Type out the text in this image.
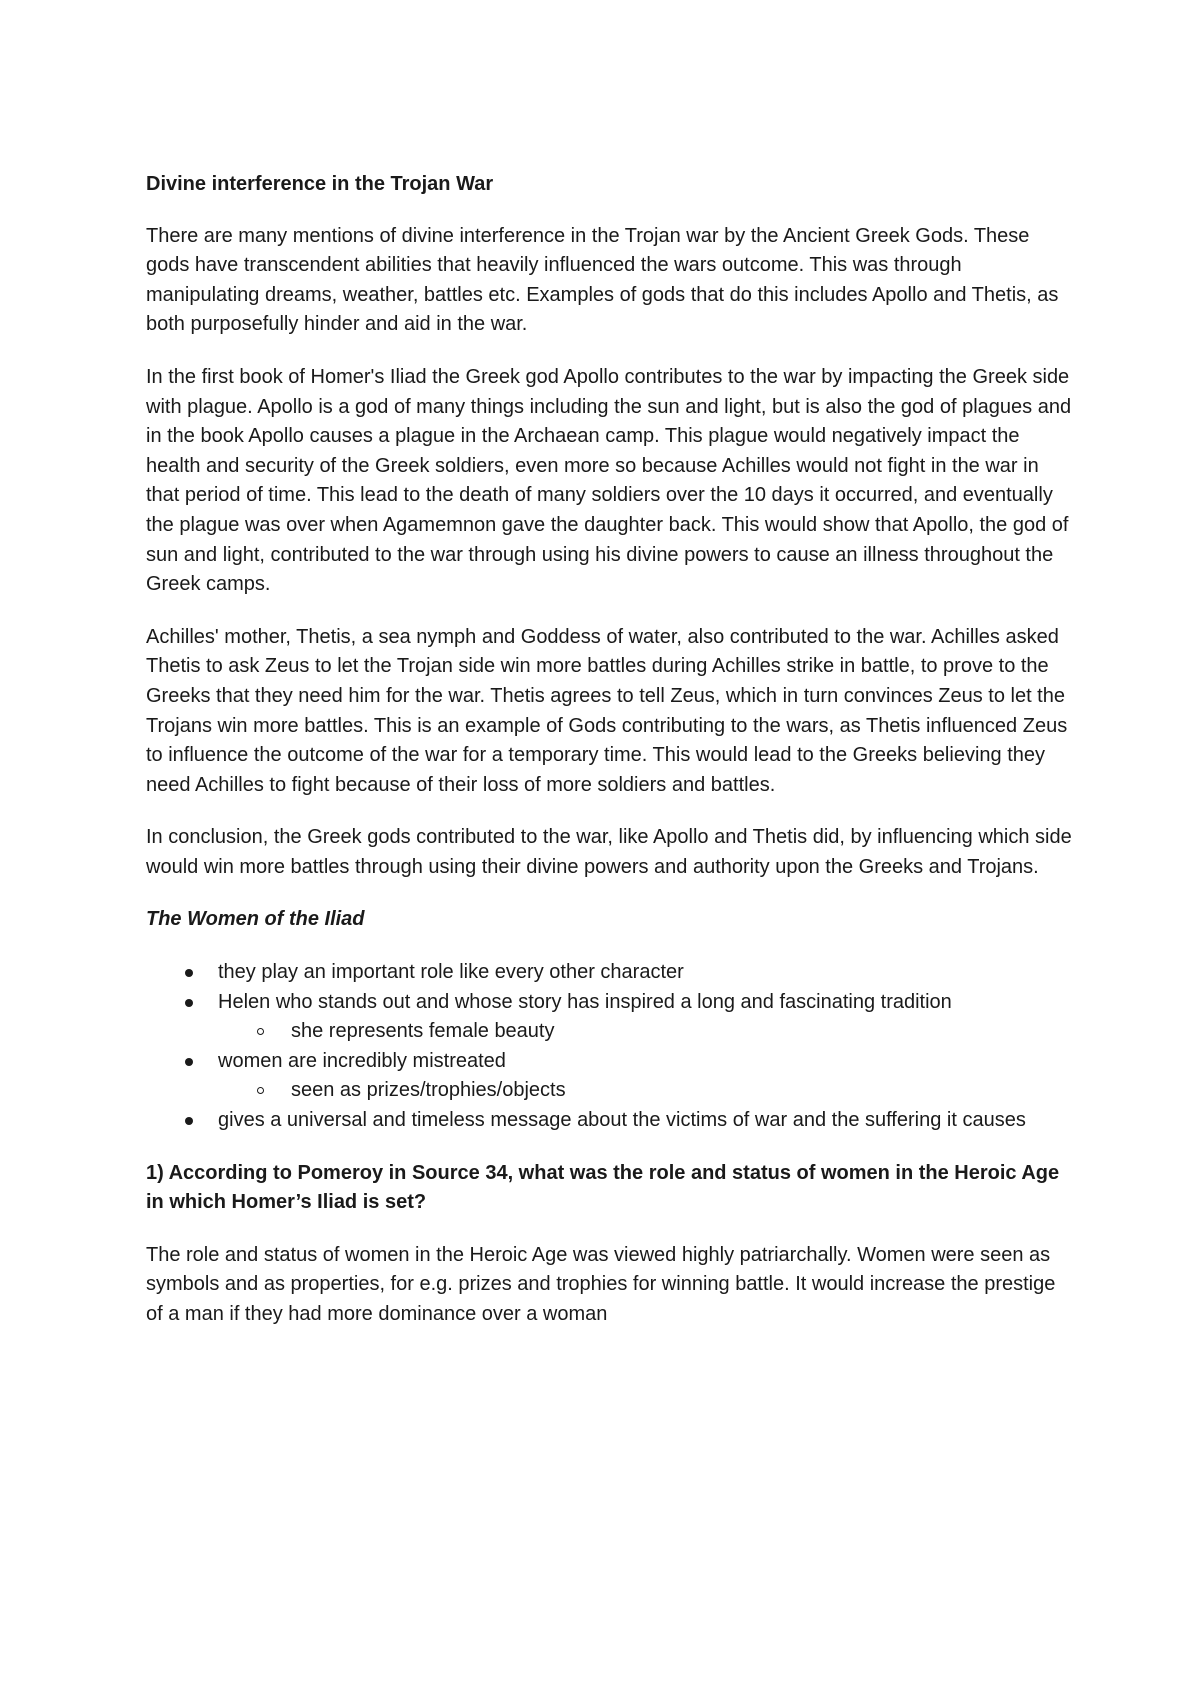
Divine interference in the Trojan War

There are many mentions of divine interference in the Trojan war by the Ancient Greek Gods. These gods have transcendent abilities that heavily influenced the wars outcome. This was through manipulating dreams, weather, battles etc. Examples of gods that do this includes Apollo and Thetis, as both purposefully hinder and aid in the war.

In the first book of Homer's Iliad the Greek god Apollo contributes to the war by impacting the Greek side with plague. Apollo is a god of many things including the sun and light, but is also the god of plagues and in the book Apollo causes a plague in the Archaean camp. This plague would negatively impact the health and security of the Greek soldiers, even more so because Achilles would not fight in the war in that period of time. This lead to the death of many soldiers over the 10 days it occurred, and eventually the plague was over when Agamemnon gave the daughter back. This would show that Apollo, the god of sun and light, contributed to the war through using his divine powers to cause an illness throughout the Greek camps.

Achilles' mother, Thetis, a sea nymph and Goddess of water, also contributed to the war. Achilles asked Thetis to ask Zeus to let the Trojan side win more battles during Achilles strike in battle, to prove to the Greeks that they need him for the war. Thetis agrees to tell Zeus, which in turn convinces Zeus to let the Trojans win more battles. This is an example of Gods contributing to the wars, as Thetis influenced Zeus to influence the outcome of the war for a temporary time. This would lead to the Greeks believing they need Achilles to fight because of their loss of more soldiers and battles.

In conclusion, the Greek gods contributed to the war, like Apollo and Thetis did, by influencing which side would win more battles through using their divine powers and authority upon the Greeks and Trojans.

The Women of the Iliad

they play an important role like every other character
Helen who stands out and whose story has inspired a long and fascinating tradition
she represents female beauty
women are incredibly mistreated
seen as prizes/trophies/objects
gives a universal and timeless message about the victims of war and the suffering it causes

1) According to Pomeroy in Source 34, what was the role and status of women in the Heroic Age in which Homer’s Iliad is set?

The role and status of women in the Heroic Age was viewed highly patriarchally. Women were seen as symbols and as properties, for e.g. prizes and trophies for winning battle. It would increase the prestige of a man if they had more dominance over a woman
